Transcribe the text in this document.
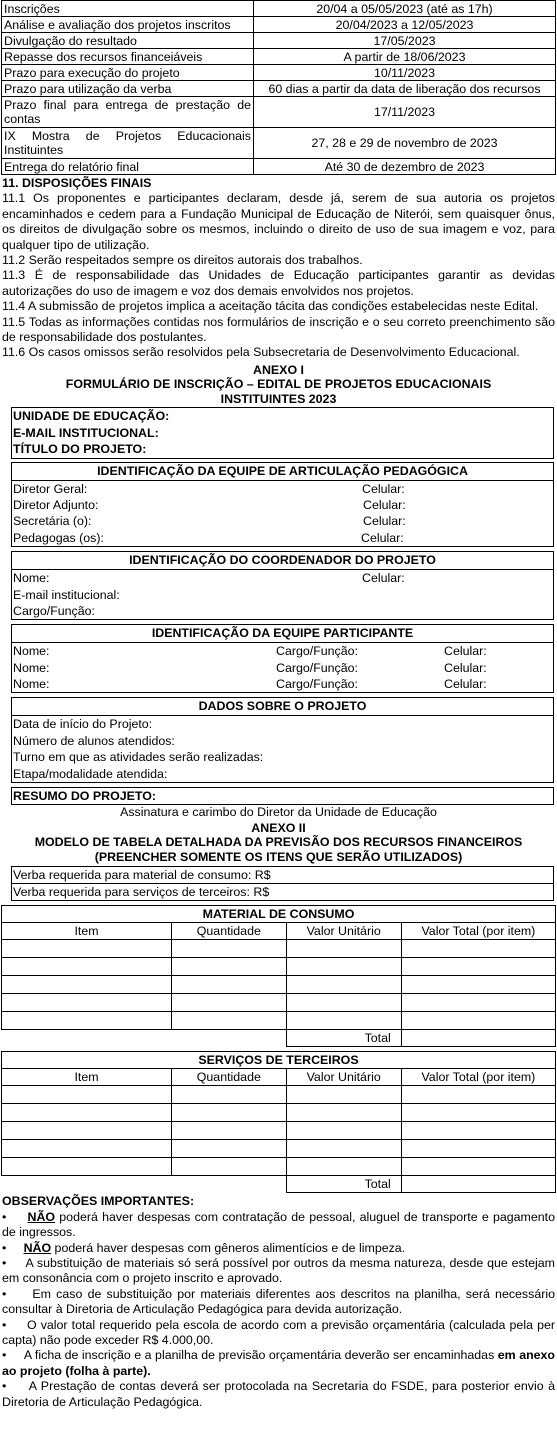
Inscrições	20/04 a 05/05/2023 (até as 17h)
Análise e avaliação dos projetos inscritos	20/04/2023 a 12/05/2023
Divulgação do resultado	17/05/2023
Repasse dos recursos financeiáveis	A partir de 18/06/2023
Prazo para execução do projeto	10/11/2023
Prazo para utilização da verba	60 dias a partir da data de liberação dos recursos
Prazo final para entrega de prestação de contas	17/11/2023
IX Mostra de Projetos Educacionais Instituintes	27, 28 e 29 de novembro de 2023
Entrega do relatório final	Até 30 de dezembro de 2023
11. DISPOSIÇÕES FINAIS
11.1 Os proponentes e participantes declaram, desde já, serem de sua autoria os projetos encaminhados e cedem para a Fundação Municipal de Educação de Niterói, sem quaisquer ônus, os direitos de divulgação sobre os mesmos, incluindo o direito de uso de sua imagem e voz, para qualquer tipo de utilização.
11.2 Serão respeitados sempre os direitos autorais dos trabalhos.
11.3 É de responsabilidade das Unidades de Educação participantes garantir as devidas autorizações do uso de imagem e voz dos demais envolvidos nos projetos.
11.4 A submissão de projetos implica a aceitação tácita das condições estabelecidas neste Edital.
11.5 Todas as informações contidas nos formulários de inscrição e o seu correto preenchimento são de responsabilidade dos postulantes.
11.6 Os casos omissos serão resolvidos pela Subsecretaria de Desenvolvimento Educacional.
ANEXO I
FORMULÁRIO DE INSCRIÇÃO – EDITAL DE PROJETOS EDUCACIONAIS
INSTITUINTES 2023
UNIDADE DE EDUCAÇÃO:
E-MAIL INSTITUCIONAL:
TÍTULO DO PROJETO:
IDENTIFICAÇÃO DA EQUIPE DE ARTICULAÇÃO PEDAGÓGICA
Diretor Geral:	Celular:
Diretor Adjunto:	Celular:
Secretária (o):	Celular:
Pedagogas (os):	Celular:
IDENTIFICAÇÃO DO COORDENADOR DO PROJETO
Nome:	Celular:
E-mail institucional:
Cargo/Função:
IDENTIFICAÇÃO DA EQUIPE PARTICIPANTE
Nome:	Cargo/Função:	Celular:
Nome:	Cargo/Função:	Celular:
Nome:	Cargo/Função:	Celular:
DADOS SOBRE O PROJETO
Data de início do Projeto:
Número de alunos atendidos:
Turno em que as atividades serão realizadas:
Etapa/modalidade atendida:
RESUMO DO PROJETO:
Assinatura e carimbo do Diretor da Unidade de Educação
ANEXO II
MODELO DE TABELA DETALHADA DA PREVISÃO DOS RECURSOS FINANCEIROS
(PREENCHER SOMENTE OS ITENS QUE SERÃO UTILIZADOS)
Verba requerida para material de consumo: R$
Verba requerida para serviços de terceiros: R$
MATERIAL DE CONSUMO
Item	Quantidade	Valor Unitário	Valor Total (por item)

		Total	
SERVIÇOS DE TERCEIROS
Item	Quantidade	Valor Unitário	Valor Total (por item)

		Total	
OBSERVAÇÕES IMPORTANTES:
• NÃO poderá haver despesas com contratação de pessoal, aluguel de transporte e pagamento de ingressos.
• NÃO poderá haver despesas com gêneros alimentícios e de limpeza.
• A substituição de materiais só será possível por outros da mesma natureza, desde que estejam em consonância com o projeto inscrito e aprovado.
• Em caso de substituição por materiais diferentes aos descritos na planilha, será necessário consultar à Diretoria de Articulação Pedagógica para devida autorização.
• O valor total requerido pela escola de acordo com a previsão orçamentária (calculada pela per capta) não pode exceder R$ 4.000,00.
• A ficha de inscrição e a planilha de previsão orçamentária deverão ser encaminhadas em anexo ao projeto (folha à parte).
• A Prestação de contas deverá ser protocolada na Secretaria do FSDE, para posterior envio à Diretoria de Articulação Pedagógica.
